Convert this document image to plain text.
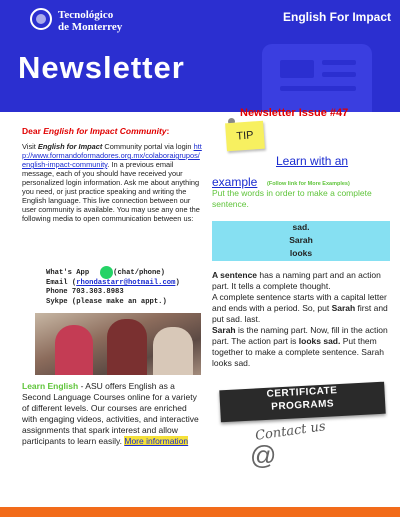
Tecnológico
de Monterrey
English For Impact
Newsletter
Newsletter Issue #47
Dear English for Impact Community:
Visit English for Impact Community portal via login http://www.formandoformadores.org.mx/colaboraigrupos/english-impact-community. In a previous email message, each of you should have received your personalized login information. Ask me about anything you need, or just practice speaking and writing the English language. This live connection between our user community is available. You may use any one the following media to open communication between us:
What's App	(chat/phone)
Email (rhondastarr@hotmail.com)
Phone 703.303.8983
Sykpe (please make an appt.)
Learn English - ASU offers English as a Second Language Courses online for a variety of different levels. Our courses are enriched with engaging videos, activities, and interactive assignments that spark interest and allow participants to learn easily. More information
TIP
Learn with an
example (Follow link for More Examples)
Put the words in order to make a complete sentence.
sad.
Sarah
looks
A sentence has a naming part and an action part. It tells a complete thought.
A complete sentence starts with a capital letter and ends with a period. So, put Sarah first and put sad. last.
Sarah is the naming part. Now, fill in the action part. The action part is looks sad. Put them together to make a complete sentence. Sarah looks sad.
CERTIFICATE
PROGRAMS
Contact us
@
